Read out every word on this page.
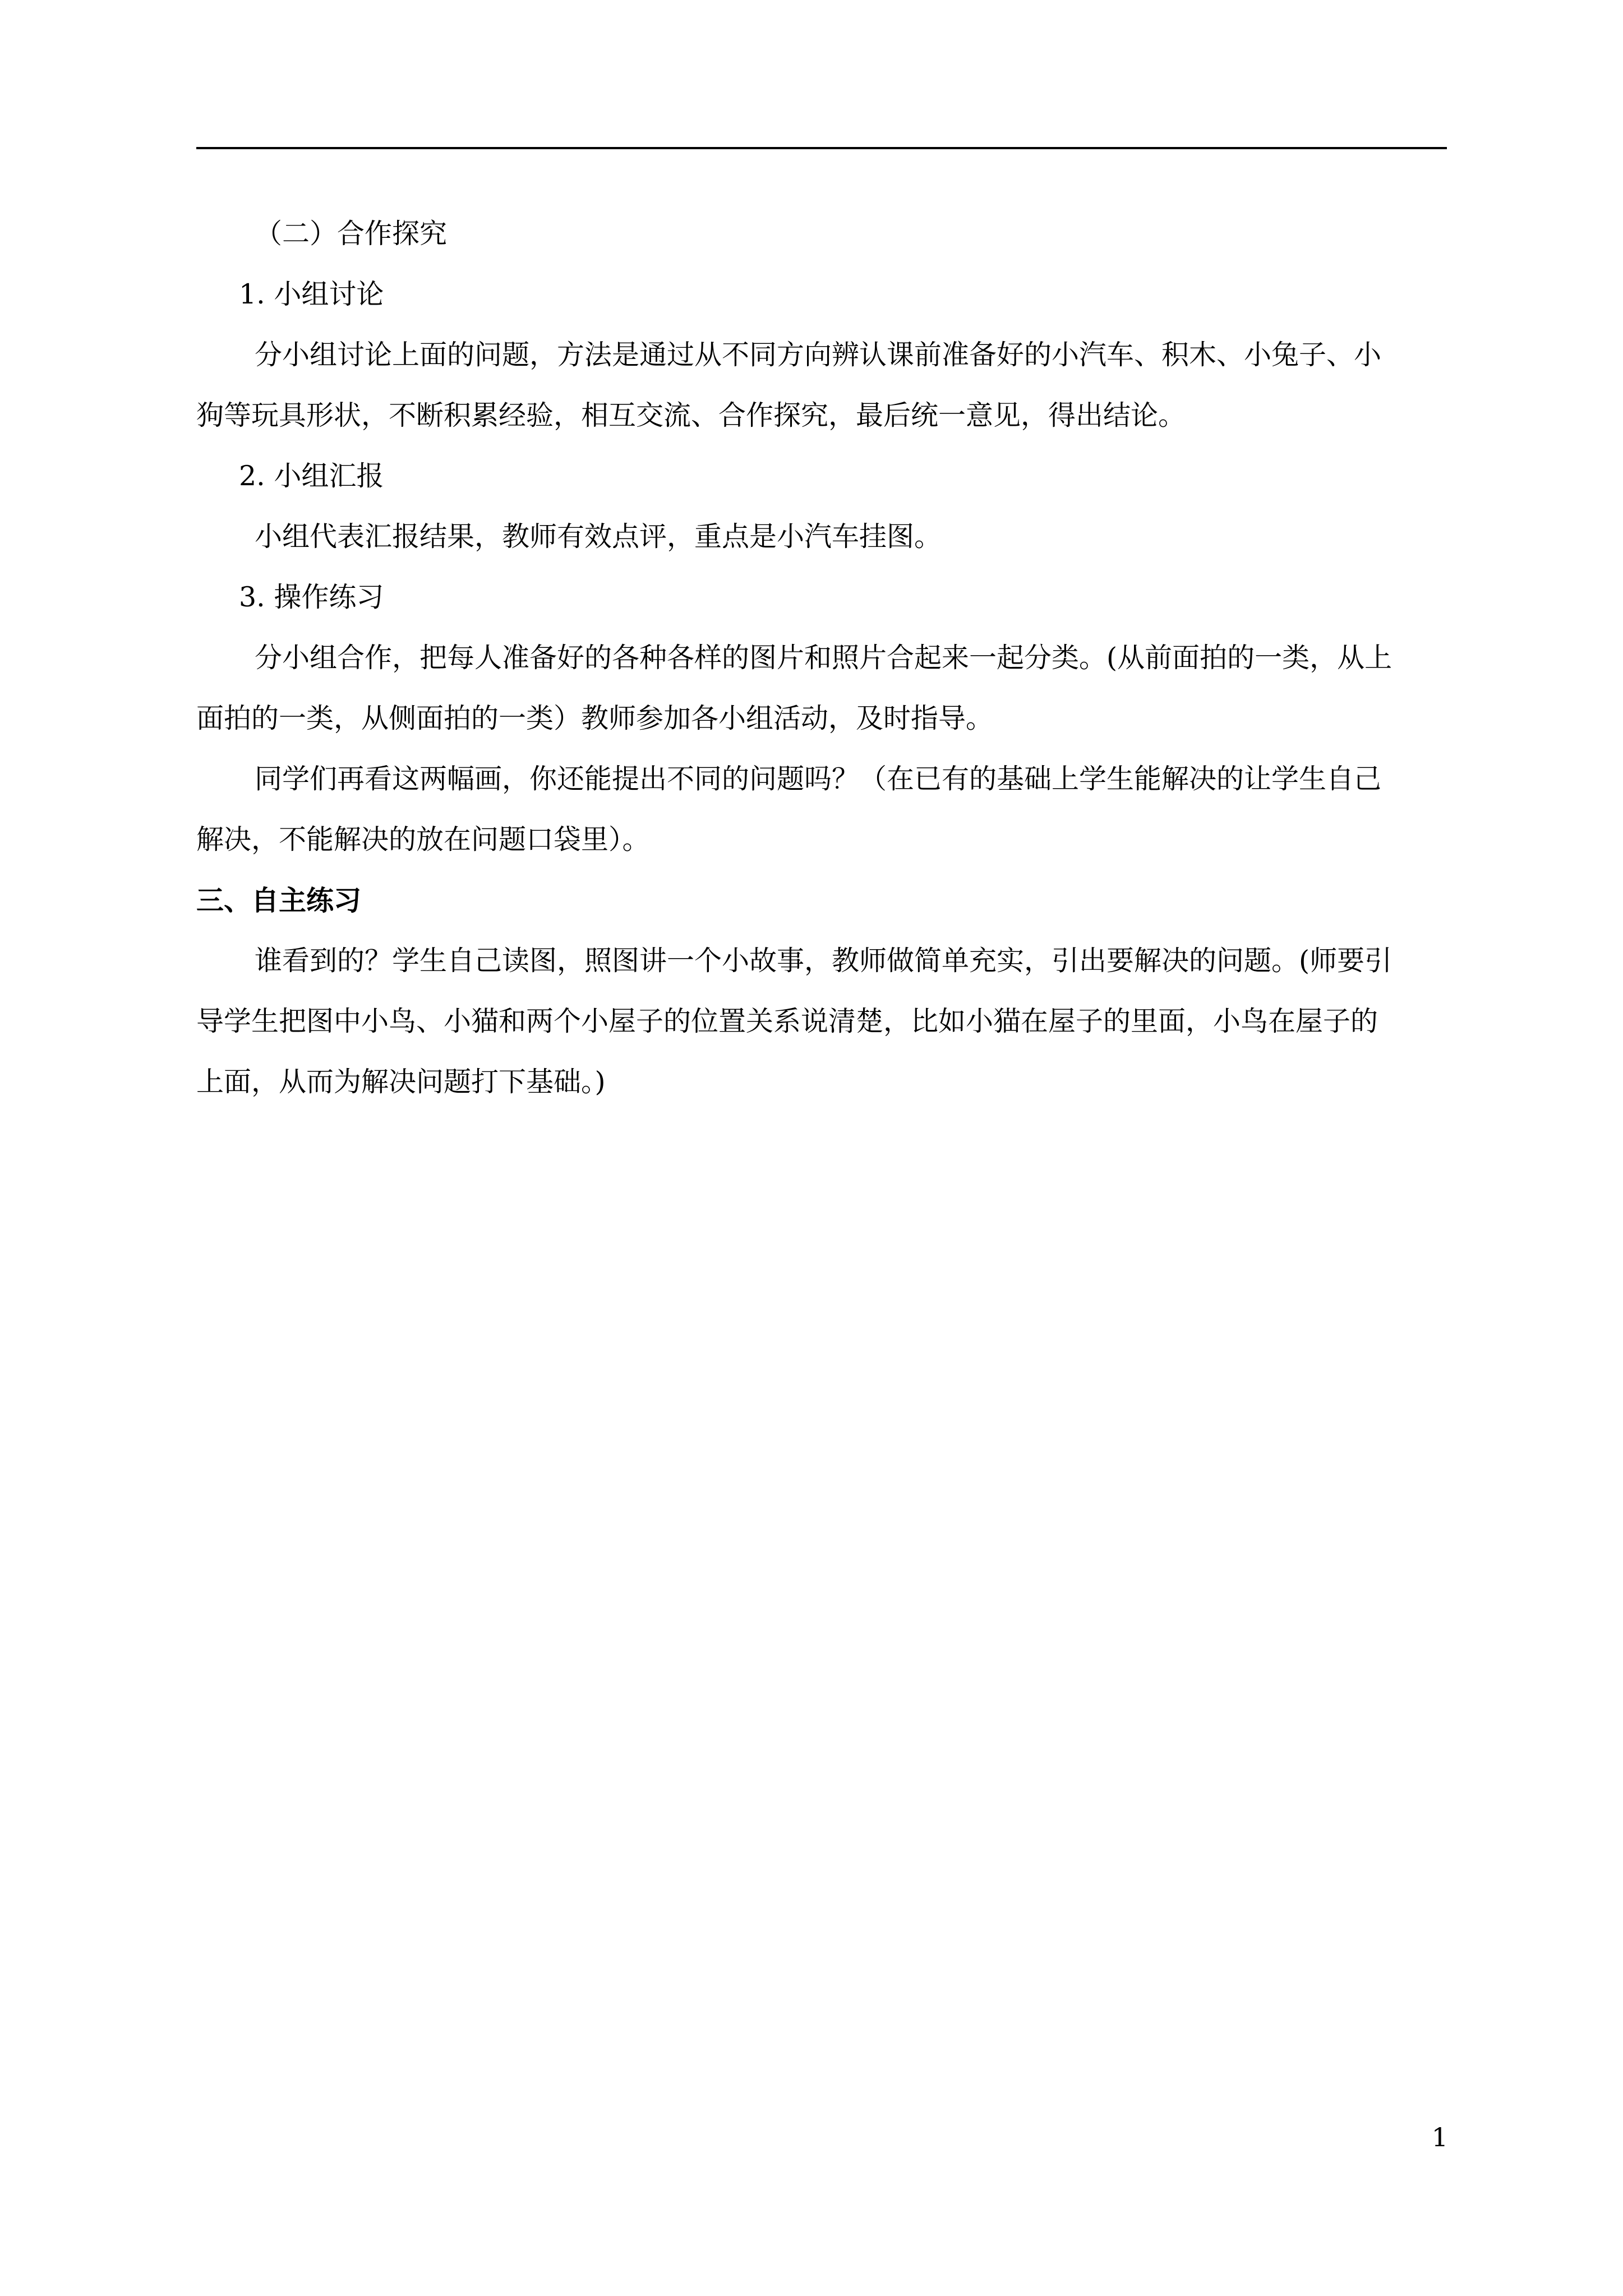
（二）合作探究

1. 小组讨论

分小组讨论上面的问题，方法是通过从不同方向辨认课前准备好的小汽车、积木、小兔子、小

狗等玩具形状，不断积累经验，相互交流、合作探究，最后统一意见，得出结论。

2. 小组汇报

小组代表汇报结果，教师有效点评，重点是小汽车挂图。

3. 操作练习

分小组合作，把每人准备好的各种各样的图片和照片合起来一起分类。(从前面拍的一类，从上

面拍的一类，从侧面拍的一类）教师参加各小组活动，及时指导。

同学们再看这两幅画，你还能提出不同的问题吗？（在已有的基础上学生能解决的让学生自己

解决，不能解决的放在问题口袋里）。

三、自主练习

谁看到的？学生自己读图，照图讲一个小故事，教师做简单充实，引出要解决的问题。(师要引

导学生把图中小鸟、小猫和两个小屋子的位置关系说清楚，比如小猫在屋子的里面，小鸟在屋子的

上面，从而为解决问题打下基础。)

1
